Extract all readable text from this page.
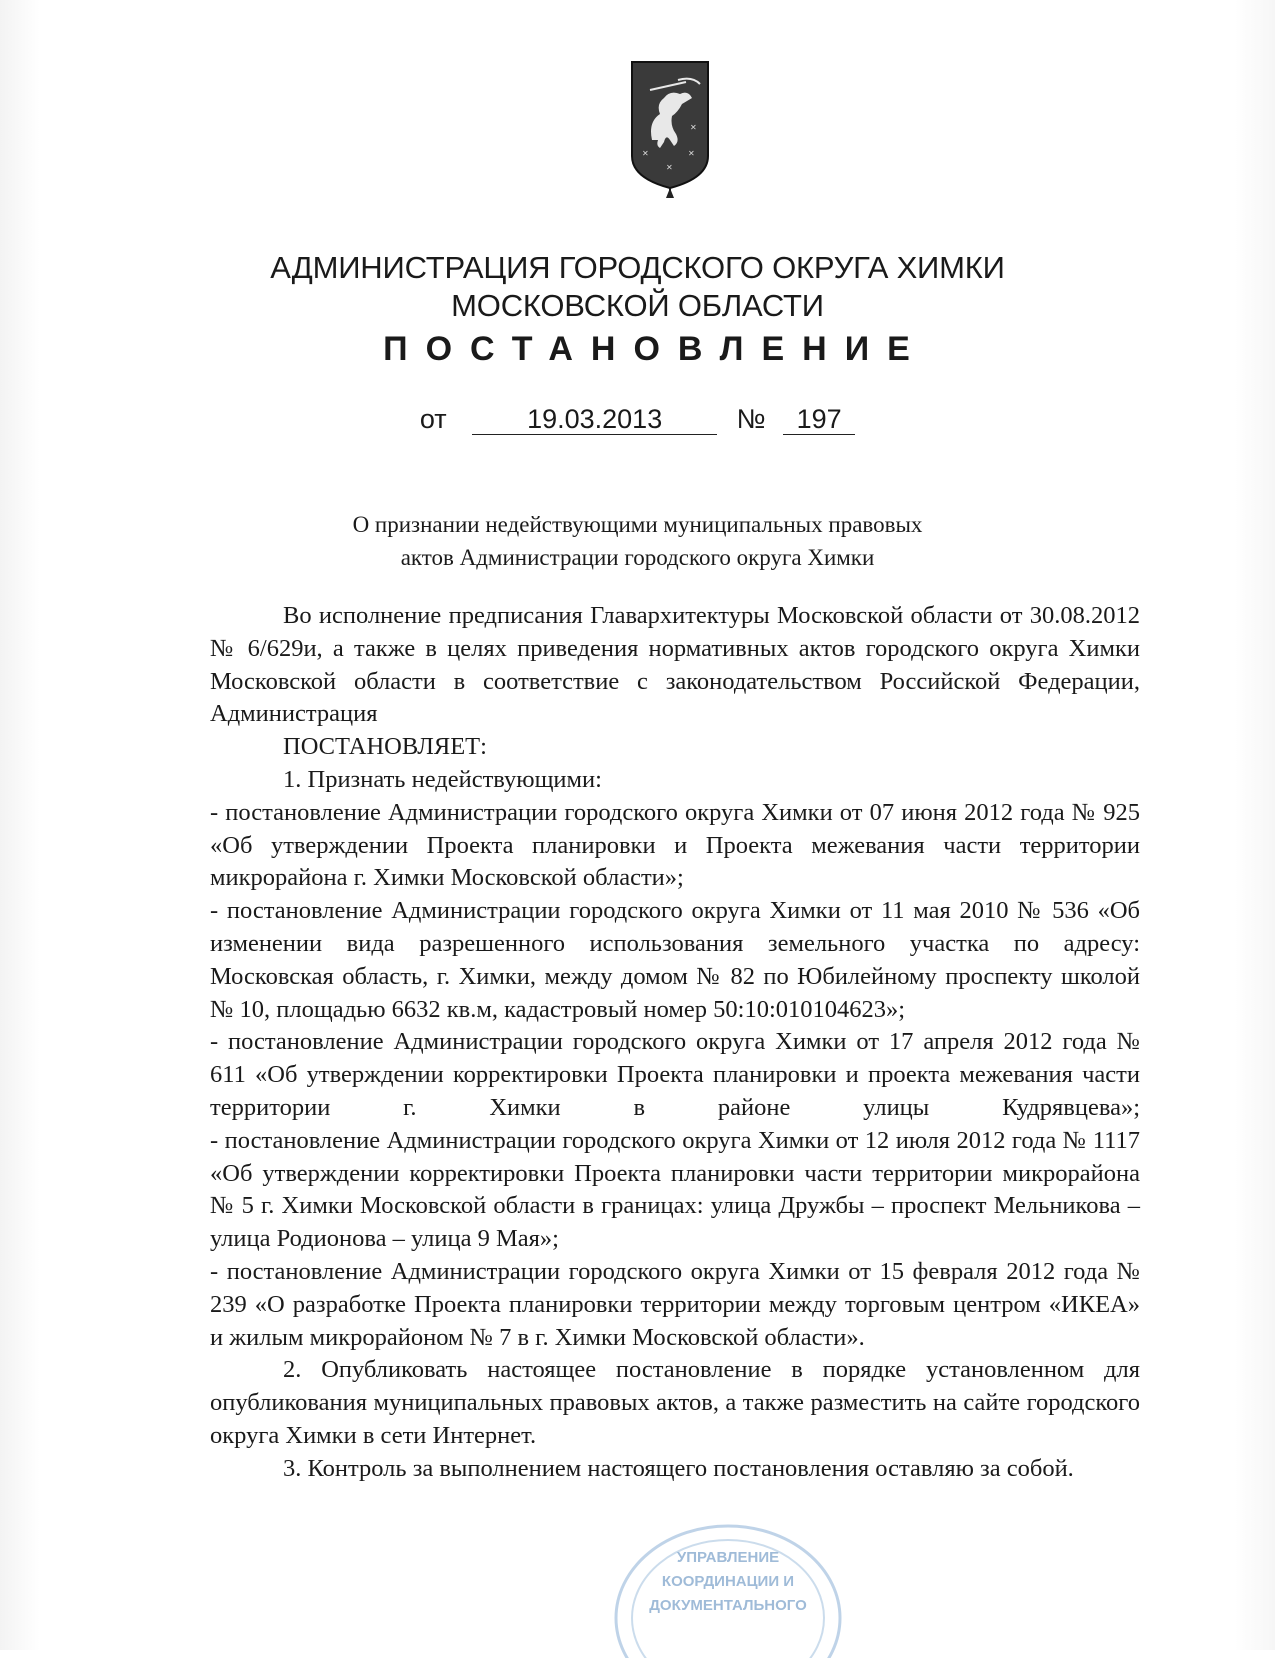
✕	✕
✕
✕
АДМИНИСТРАЦИЯ ГОРОДСКОГО ОКРУГА ХИМКИ
МОСКОВСКОЙ ОБЛАСТИ
ПОСТАНОВЛЕНИЕ
от	19.03.2013	№ 197
О признании недействующими муниципальных правовых
актов Администрации городского округа Химки

Во исполнение предписания Главархитектуры Московской области от 30.08.2012 № 6/629и, а также в целях приведения нормативных актов городского округа Химки Московской области в соответствие с законодательством Российской Федерации, Администрация

ПОСТАНОВЛЯЕТ:

1. Признать недействующими:

- постановление Администрации городского округа Химки от 07 июня 2012 года № 925 «Об утверждении Проекта планировки и Проекта межевания части территории микрорайона г. Химки Московской области»;

- постановление Администрации городского округа Химки от 11 мая 2010 № 536 «Об изменении вида разрешенного использования земельного участка по адресу: Московская область, г. Химки, между домом № 82 по Юбилейному проспекту школой № 10, площадью 6632 кв.м, кадастровый номер 50:10:010104623»;

- постановление Администрации городского округа Химки от 17 апреля 2012 года № 611 «Об утверждении корректировки Проекта планировки и проекта межевания части территории г. Химки в районе улицы Кудрявцева»;

- постановление Администрации городского округа Химки от 12 июля 2012 года № 1117 «Об утверждении корректировки Проекта планировки части территории микрорайона № 5 г. Химки Московской области в границах: улица Дружбы – проспект Мельникова – улица Родионова – улица 9 Мая»;

- постановление Администрации городского округа Химки от 15 февраля 2012 года № 239 «О разработке Проекта планировки территории между торговым центром «ИКЕА» и жилым микрорайоном № 7 в г. Химки Московской области».

2. Опубликовать настоящее постановление в порядке установленном для опубликования муниципальных правовых актов, а также разместить на сайте городского округа Химки в сети Интернет.

3. Контроль за выполнением настоящего постановления оставляю за собой.

УПРАВЛЕНИЕ
КООРДИНАЦИИ И
ДОКУМЕНТАЛЬНОГО
